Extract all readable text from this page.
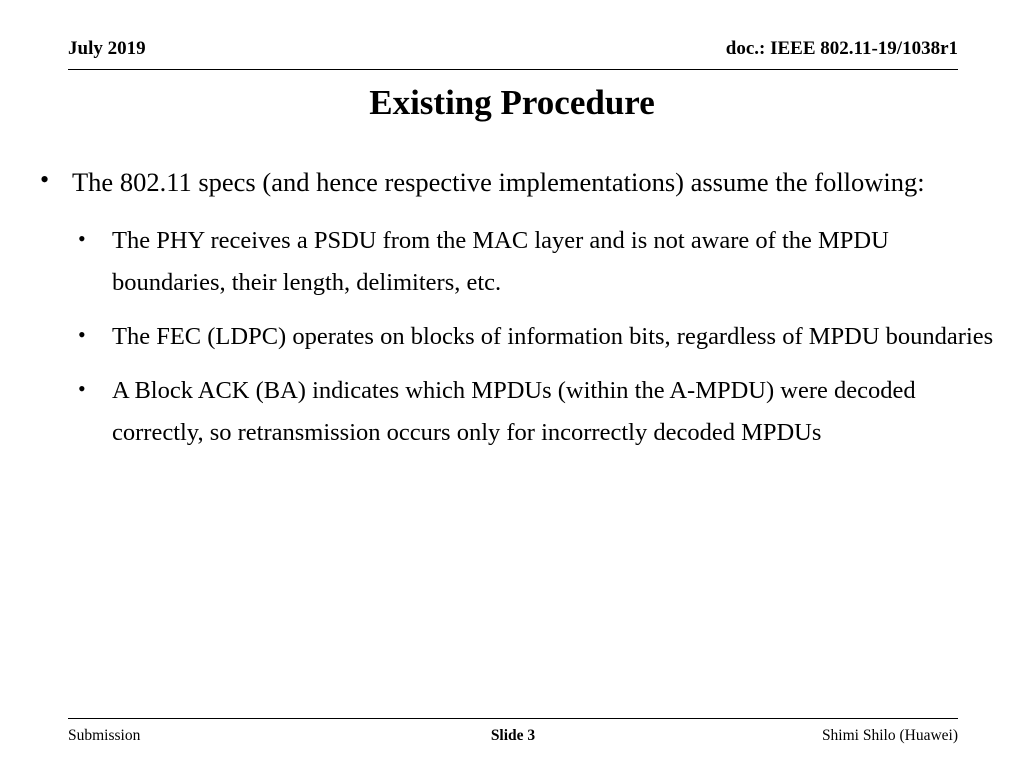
July 2019	doc.: IEEE 802.11-19/1038r1
Existing Procedure
• The 802.11 specs (and hence respective implementations) assume the following:
•	The PHY receives a PSDU from the MAC layer and is not aware of the MPDU boundaries, their length, delimiters, etc.
•	The FEC (LDPC) operates on blocks of information bits, regardless of MPDU boundaries
•	A Block ACK (BA) indicates which MPDUs (within the A-MPDU) were decoded correctly, so retransmission occurs only for incorrectly decoded MPDUs
Submission	Slide 3	Shimi Shilo (Huawei)
